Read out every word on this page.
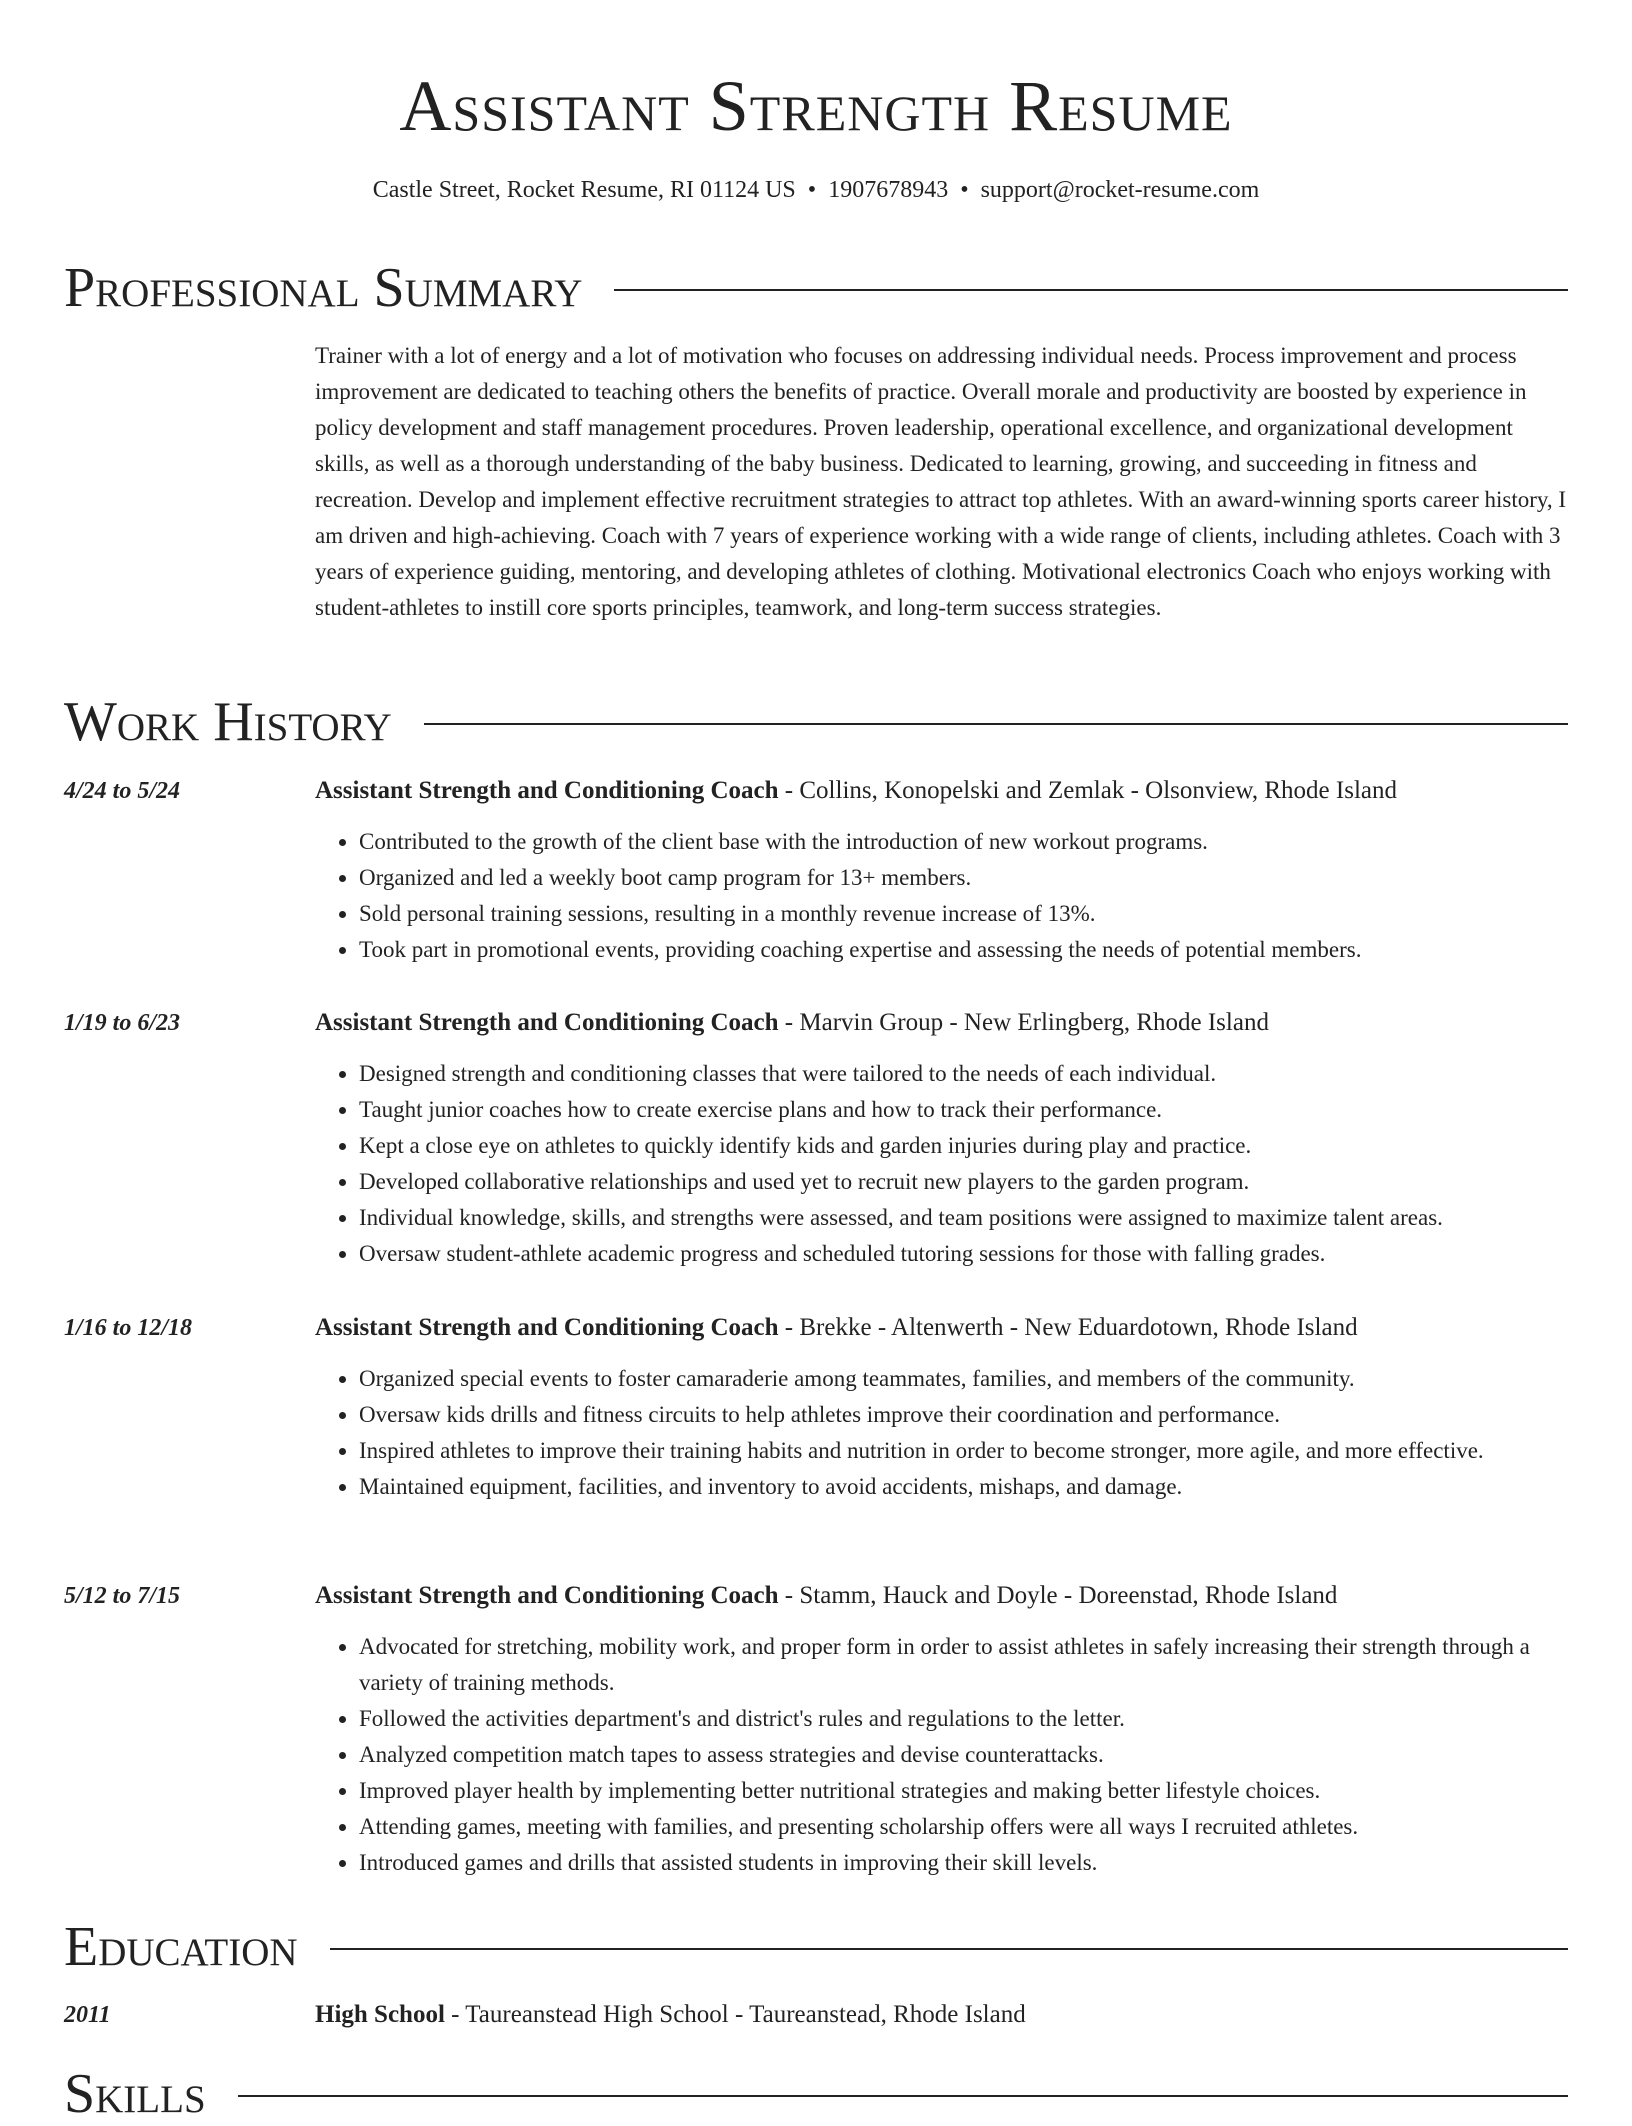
Assistant Strength Resume
Castle Street, Rocket Resume, RI 01124 US • 1907678943 • support@rocket-resume.com
Professional Summary
Trainer with a lot of energy and a lot of motivation who focuses on addressing individual needs. Process improvement and process improvement are dedicated to teaching others the benefits of practice. Overall morale and productivity are boosted by experience in policy development and staff management procedures. Proven leadership, operational excellence, and organizational development skills, as well as a thorough understanding of the baby business. Dedicated to learning, growing, and succeeding in fitness and recreation. Develop and implement effective recruitment strategies to attract top athletes. With an award-winning sports career history, I am driven and high-achieving. Coach with 7 years of experience working with a wide range of clients, including athletes. Coach with 3 years of experience guiding, mentoring, and developing athletes of clothing. Motivational electronics Coach who enjoys working with student-athletes to instill core sports principles, teamwork, and long-term success strategies.
Work History
4/24 to 5/24	Assistant Strength and Conditioning Coach - Collins, Konopelski and Zemlak - Olsonview, Rhode Island
• Contributed to the growth of the client base with the introduction of new workout programs.
• Organized and led a weekly boot camp program for 13+ members.
• Sold personal training sessions, resulting in a monthly revenue increase of 13%.
• Took part in promotional events, providing coaching expertise and assessing the needs of potential members.
1/19 to 6/23	Assistant Strength and Conditioning Coach - Marvin Group - New Erlingberg, Rhode Island
• Designed strength and conditioning classes that were tailored to the needs of each individual.
• Taught junior coaches how to create exercise plans and how to track their performance.
• Kept a close eye on athletes to quickly identify kids and garden injuries during play and practice.
• Developed collaborative relationships and used yet to recruit new players to the garden program.
• Individual knowledge, skills, and strengths were assessed, and team positions were assigned to maximize talent areas.
• Oversaw student-athlete academic progress and scheduled tutoring sessions for those with falling grades.
1/16 to 12/18	Assistant Strength and Conditioning Coach - Brekke - Altenwerth - New Eduardotown, Rhode Island
• Organized special events to foster camaraderie among teammates, families, and members of the community.
• Oversaw kids drills and fitness circuits to help athletes improve their coordination and performance.
• Inspired athletes to improve their training habits and nutrition in order to become stronger, more agile, and more effective.
• Maintained equipment, facilities, and inventory to avoid accidents, mishaps, and damage.
5/12 to 7/15	Assistant Strength and Conditioning Coach - Stamm, Hauck and Doyle - Doreenstad, Rhode Island
• Advocated for stretching, mobility work, and proper form in order to assist athletes in safely increasing their strength through a variety of training methods.
• Followed the activities department's and district's rules and regulations to the letter.
• Analyzed competition match tapes to assess strategies and devise counterattacks.
• Improved player health by implementing better nutritional strategies and making better lifestyle choices.
• Attending games, meeting with families, and presenting scholarship offers were all ways I recruited athletes.
• Introduced games and drills that assisted students in improving their skill levels.
Education
2011	High School - Taureanstead High School - Taureanstead, Rhode Island
Skills
